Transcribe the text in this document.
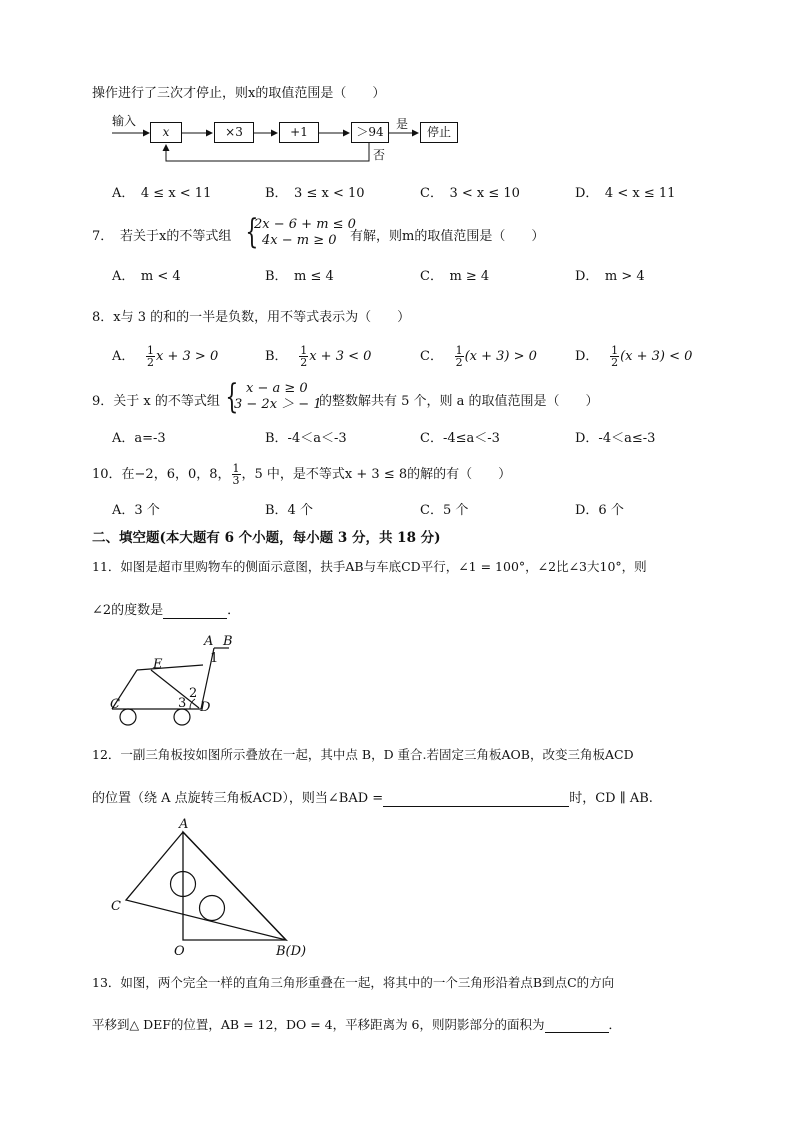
操作进行了三次才停止，则x的取值范围是（　　）
输入
x	×3	+1	＞94
是
否
停止
A．　4 ≤ x < 11	B．　3 ≤ x < 10	C．　3 < x ≤ 10	D．　4 < x ≤ 11
7． 若关于x的不等式组 {
2x − 6 + m ≤ 0
4x − m ≥ 0 有解，则m的取值范围是（　　）
A．　m < 4	B．　m ≤ 4	C．　m ≥ 4	D．　m > 4
8．x与 3 的和的一半是负数，用不等式表示为（　　）
A．　 $\frac{1}{2}$ x + 3 > 0	B．　 $\frac{1}{2}$ x + 3 < 0	C．　 $\frac{1}{2} (x + 3) > 0$	D．　 $\frac{1}{2} (x + 3) < 0$
9．关于 x 的不等式组 { x − a ≥ 0
3 − 2x ＞ − 1
的整数解共有 5 个，则 a 的取值范围是（　　）
A．a=-3	B．-4＜a＜-3	C．-4≤a＜-3	D．-4＜a≤-3
10．在−2，6，0，8， $\frac{1}{3}$ ，5 中，是不等式x + 3 ≤ 8的解的有（　　）
A．3 个	B．4 个	C．5 个	D．6 个
二、填空题(本大题有 6 个小题，每小题 3 分，共 18 分)
11．如图是超市里购物车的侧面示意图，扶手AB与车底CD平行，∠1 = 100°，∠2比∠3大10°，则
∠2的度数是	．
A B
1
E
2
3
C	D
12．一副三角板按如图所示叠放在一起，其中点 B，D 重合.若固定三角板AOB，改变三角板ACD
的位置（绕 A 点旋转三角板ACD），则当∠BAD =	时，CD ∥ AB.
A
C
O	B(D)
13．如图，两个完全一样的直角三角形重叠在一起，将其中的一个三角形沿着点B到点C的方向
平移到△ DEF的位置，AB = 12，DO = 4，平移距离为 6，则阴影部分的面积为	．
